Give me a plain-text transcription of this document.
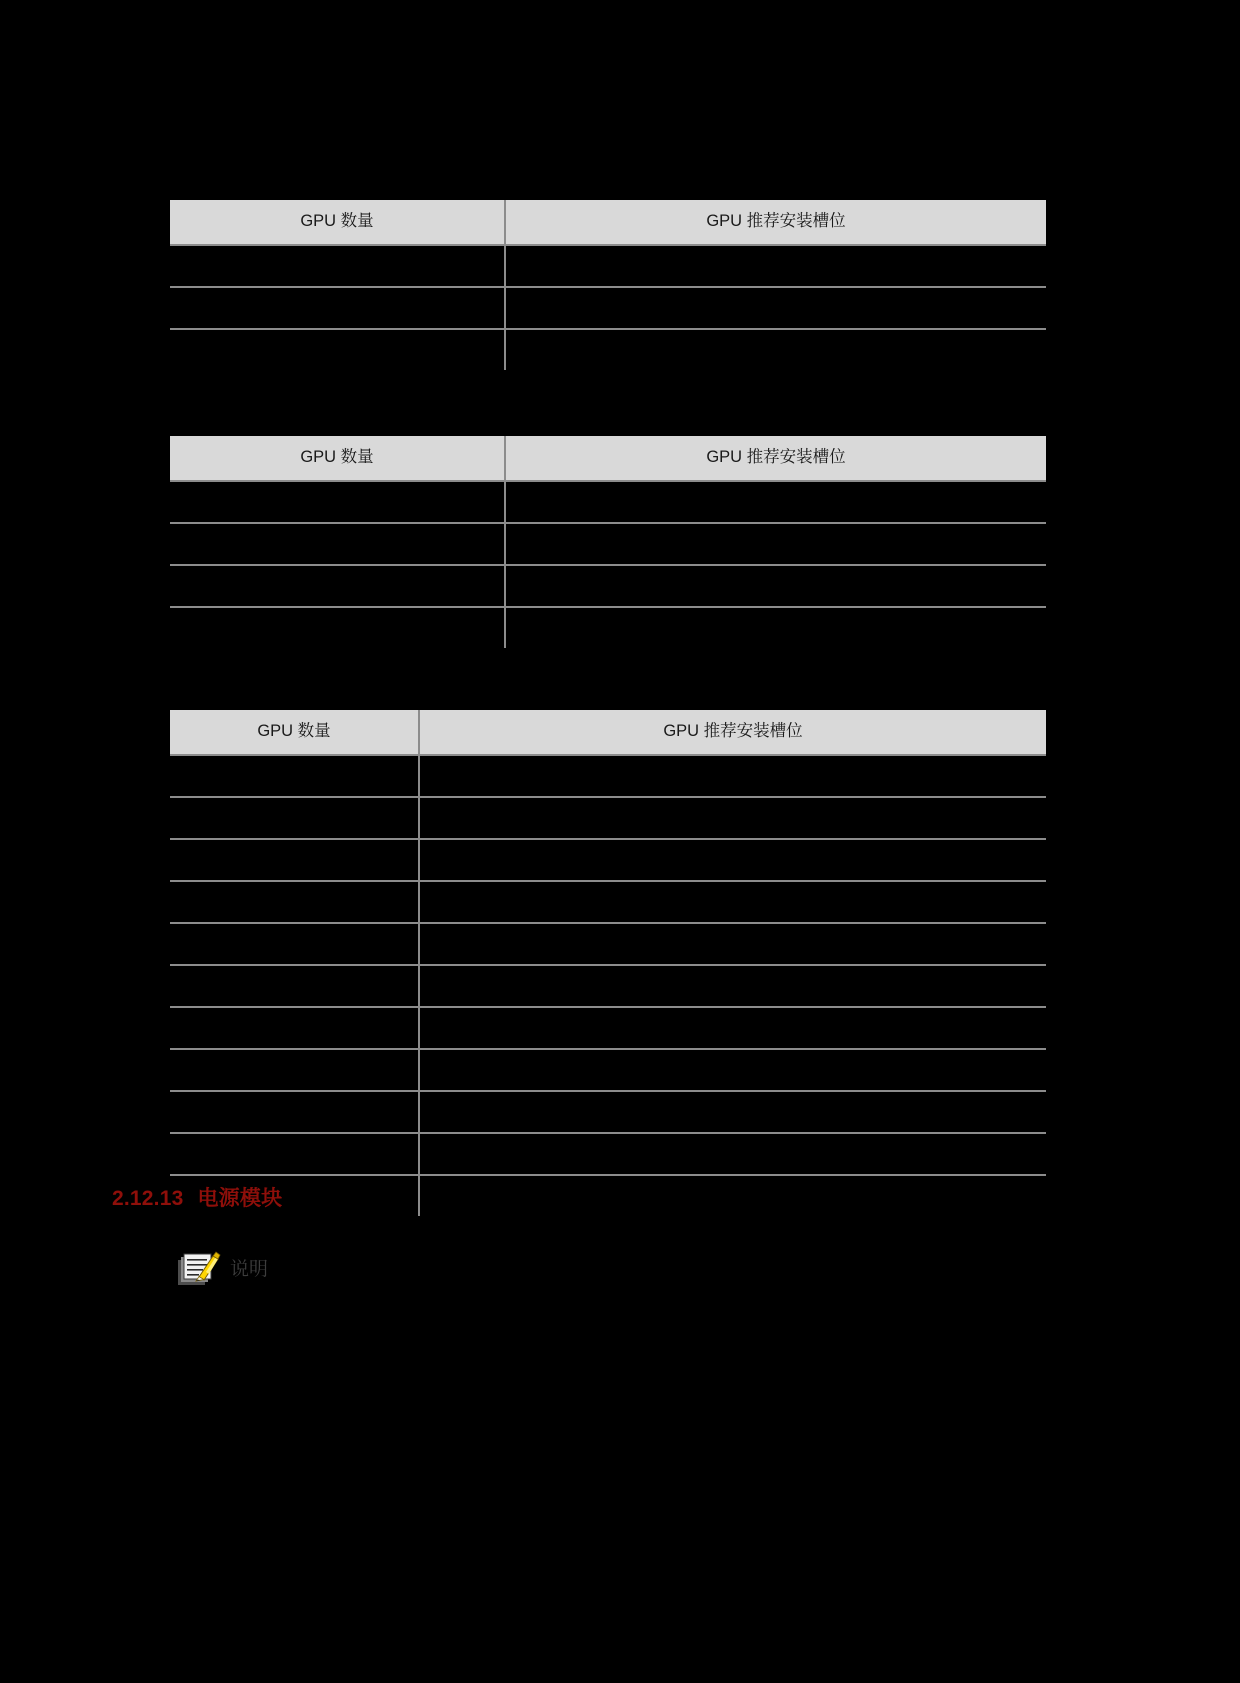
GPU 数量	GPU 推荐安装槽位

GPU 数量	GPU 推荐安装槽位

GPU 数量	GPU 推荐安装槽位

2.12.13 电源模块
说明
